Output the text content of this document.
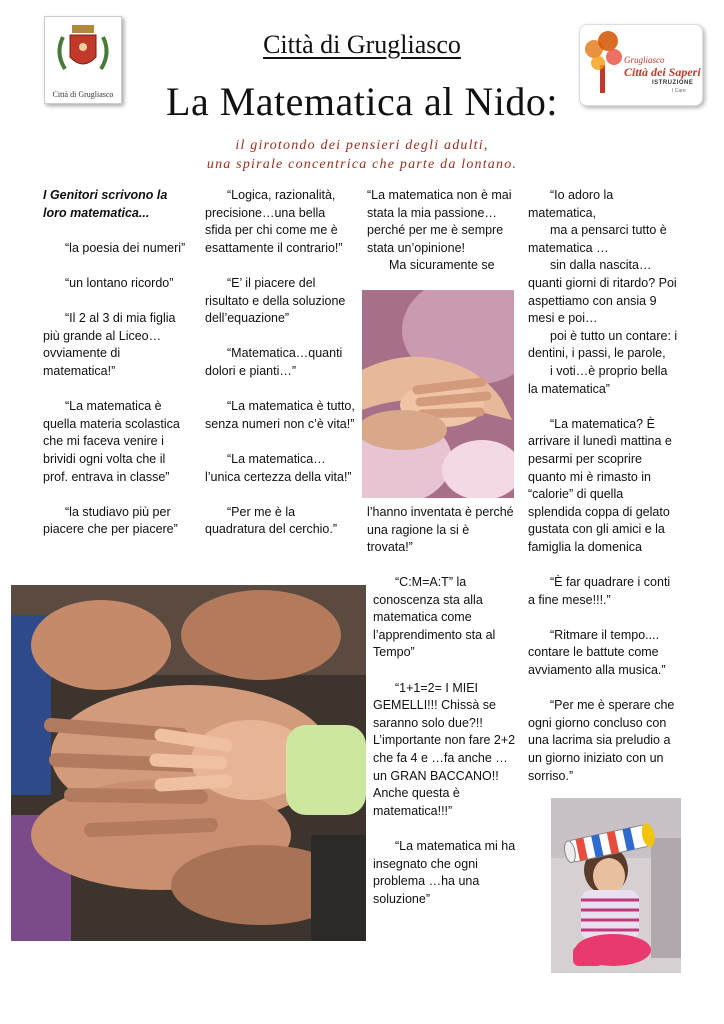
Città di Grugliasco
Grugliasco
Città dei Saperi
ISTRUZIONE
I Care
Città di Grugliasco
La Matematica al Nido:
il girotondo dei pensieri degli adulti,
una spirale concentrica che parte da lontano.

I Genitori scrivono la loro matematica...

“la poesia dei numeri”

“un lontano ricordo”

“Il 2 al 3 di mia figlia più grande al Liceo… ovviamente di matematica!”

“La matematica è quella materia scolastica che mi faceva venire i brividi ogni volta che il prof. entrava in classe”

“la studiavo più per piacere che per piacere”

“Logica, razionalità, precisione…una bella sfida per chi come me è esattamente il contrario!”

“E’ il piacere del risultato e della soluzione dell’equazione”

“Matematica…quanti dolori e pianti…”

“La matematica è tutto, senza numeri non c’è vita!”

“La matematica… l’unica certezza della vita!”

“Per me è la quadratura del cerchio.”

“La matematica non è mai stata la mia passione… perché per me è sempre stata un’opinione!

Ma sicuramente se

l’hanno inventata è perché una ragione la si è trovata!”

“C:M=A:T” la conoscenza sta alla matematica come l’apprendimento sta al Tempo”

“1+1=2= I MIEI GEMELLI!!! Chissà se saranno solo due?!! L’importante non fare 2+2 che fa 4 e …fa anche … un GRAN BACCANO!! Anche questa è matematica!!!”

“La matematica mi ha insegnato che ogni problema …ha una soluzione”

“Io adoro la matematica,

ma a pensarci tutto è matematica …

sin dalla nascita… quanti giorni di ritardo? Poi aspettiamo con ansia 9 mesi e poi…

poi è tutto un contare: i dentini, i passi, le parole,

i voti…è proprio bella la matematica”

“La matematica? È arrivare il lunedì mattina e pesarmi per scoprire quanto mi è rimasto in “calorie” di quella splendida coppa di gelato gustata con gli amici e la famiglia la domenica

“È far quadrare i conti a fine mese!!!.”

“Ritmare il tempo.... contare le battute come avviamento alla musica.”

“Per me è sperare che ogni giorno concluso con una lacrima sia preludio a un giorno iniziato con un sorriso.”
